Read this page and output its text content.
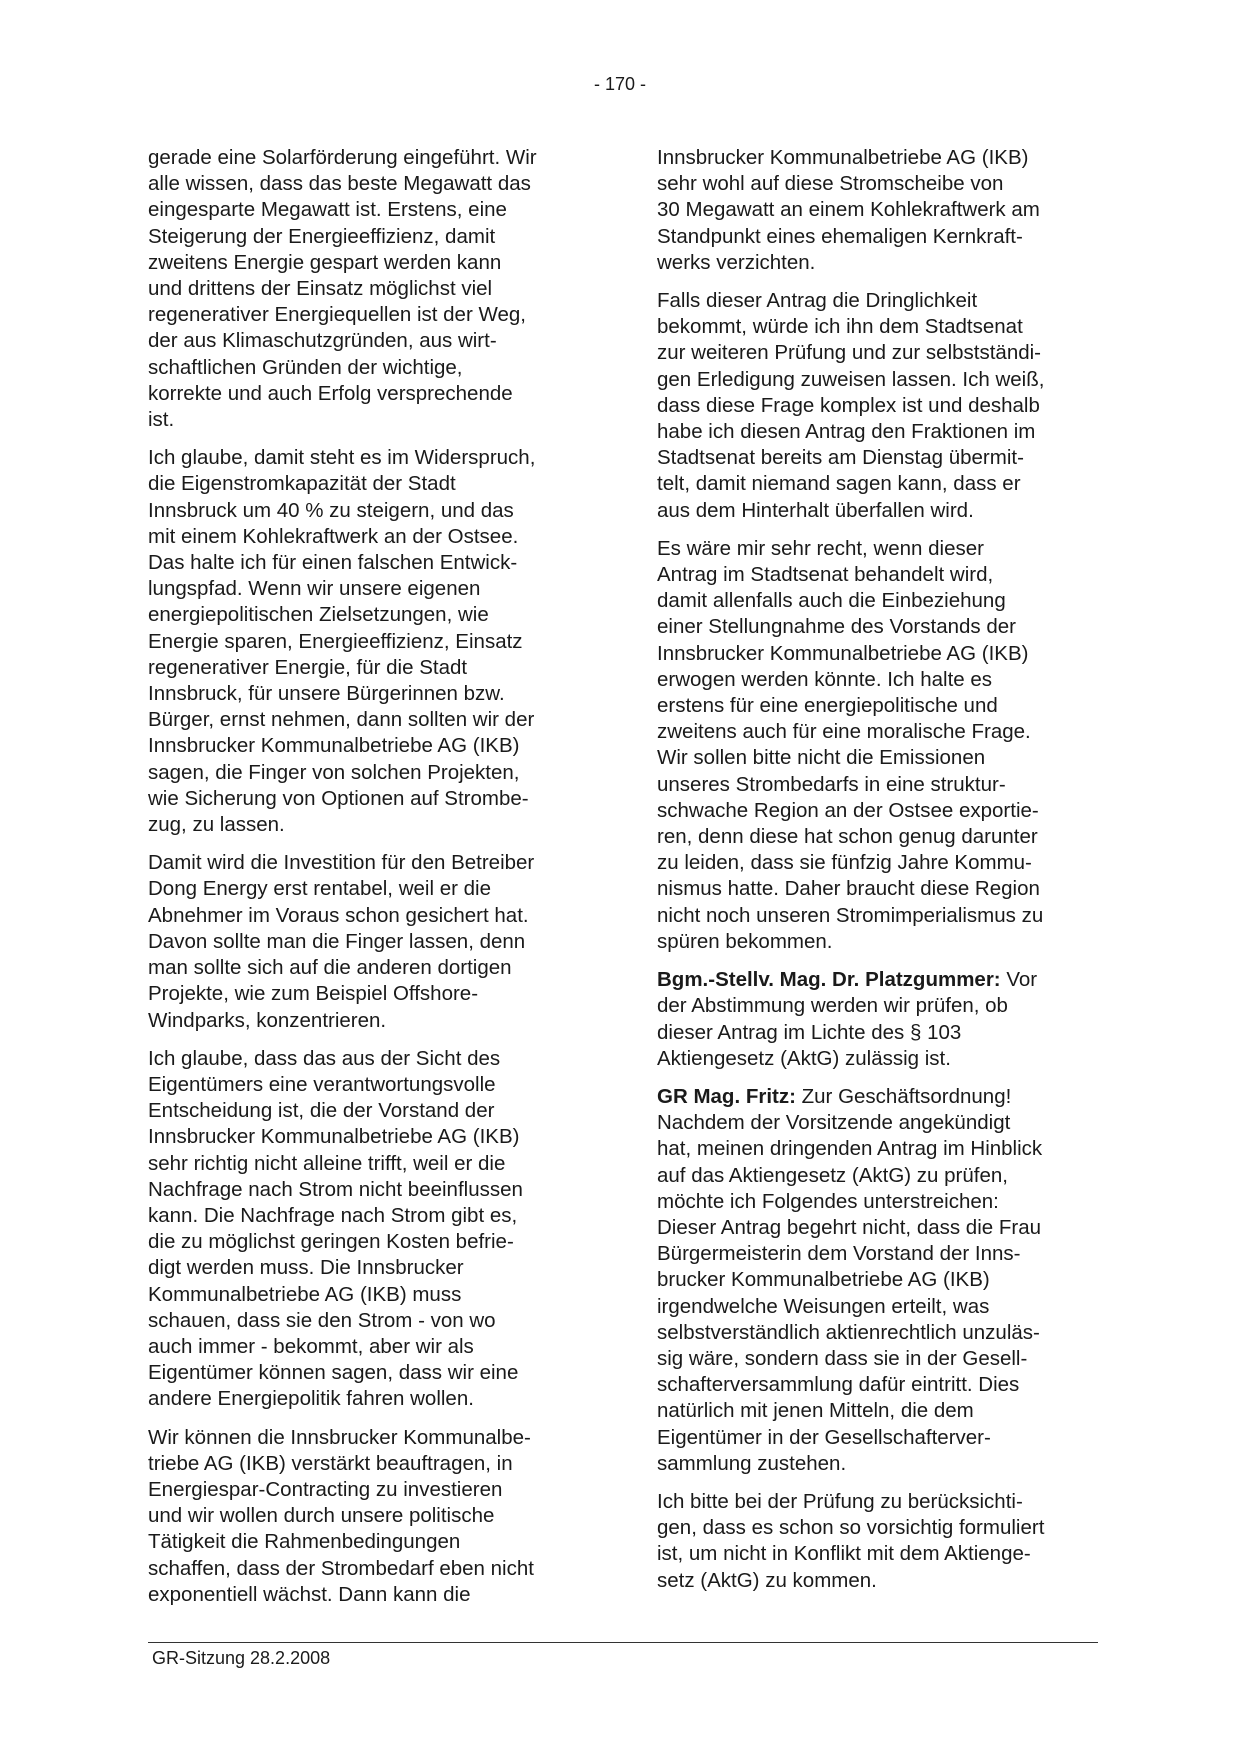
- 170 -
gerade eine Solarförderung eingeführt. Wir
alle wissen, dass das beste Megawatt das
eingesparte Megawatt ist. Erstens, eine
Steigerung der Energieeffizienz, damit
zweitens Energie gespart werden kann
und drittens der Einsatz möglichst viel
regenerativer Energiequellen ist der Weg,
der aus Klimaschutzgründen, aus wirt-
schaftlichen Gründen der wichtige,
korrekte und auch Erfolg versprechende
ist.
Ich glaube, damit steht es im Widerspruch,
die Eigenstromkapazität der Stadt
Innsbruck um 40 % zu steigern, und das
mit einem Kohlekraftwerk an der Ostsee.
Das halte ich für einen falschen Entwick-
lungspfad. Wenn wir unsere eigenen
energiepolitischen Zielsetzungen, wie
Energie sparen, Energieeffizienz, Einsatz
regenerativer Energie, für die Stadt
Innsbruck, für unsere Bürgerinnen bzw.
Bürger, ernst nehmen, dann sollten wir der
Innsbrucker Kommunalbetriebe AG (IKB)
sagen, die Finger von solchen Projekten,
wie Sicherung von Optionen auf Strombe-
zug, zu lassen.
Damit wird die Investition für den Betreiber
Dong Energy erst rentabel, weil er die
Abnehmer im Voraus schon gesichert hat.
Davon sollte man die Finger lassen, denn
man sollte sich auf die anderen dortigen
Projekte, wie zum Beispiel Offshore-
Windparks, konzentrieren.
Ich glaube, dass das aus der Sicht des
Eigentümers eine verantwortungsvolle
Entscheidung ist, die der Vorstand der
Innsbrucker Kommunalbetriebe AG (IKB)
sehr richtig nicht alleine trifft, weil er die
Nachfrage nach Strom nicht beeinflussen
kann. Die Nachfrage nach Strom gibt es,
die zu möglichst geringen Kosten befrie-
digt werden muss. Die Innsbrucker
Kommunalbetriebe AG (IKB) muss
schauen, dass sie den Strom - von wo
auch immer - bekommt, aber wir als
Eigentümer können sagen, dass wir eine
andere Energiepolitik fahren wollen.
Wir können die Innsbrucker Kommunalbe-
triebe AG (IKB) verstärkt beauftragen, in
Energiespar-Contracting zu investieren
und wir wollen durch unsere politische
Tätigkeit die Rahmenbedingungen
schaffen, dass der Strombedarf eben nicht
exponentiell wächst. Dann kann die
Innsbrucker Kommunalbetriebe AG (IKB)
sehr wohl auf diese Stromscheibe von
30 Megawatt an einem Kohlekraftwerk am
Standpunkt eines ehemaligen Kernkraft-
werks verzichten.
Falls dieser Antrag die Dringlichkeit
bekommt, würde ich ihn dem Stadtsenat
zur weiteren Prüfung und zur selbstständi-
gen Erledigung zuweisen lassen. Ich weiß,
dass diese Frage komplex ist und deshalb
habe ich diesen Antrag den Fraktionen im
Stadtsenat bereits am Dienstag übermit-
telt, damit niemand sagen kann, dass er
aus dem Hinterhalt überfallen wird.
Es wäre mir sehr recht, wenn dieser
Antrag im Stadtsenat behandelt wird,
damit allenfalls auch die Einbeziehung
einer Stellungnahme des Vorstands der
Innsbrucker Kommunalbetriebe AG (IKB)
erwogen werden könnte. Ich halte es
erstens für eine energiepolitische und
zweitens auch für eine moralische Frage.
Wir sollen bitte nicht die Emissionen
unseres Strombedarfs in eine struktur-
schwache Region an der Ostsee exportie-
ren, denn diese hat schon genug darunter
zu leiden, dass sie fünfzig Jahre Kommu-
nismus hatte. Daher braucht diese Region
nicht noch unseren Stromimperialismus zu
spüren bekommen.
Bgm.-Stellv. Mag. Dr. Platzgummer: Vor
der Abstimmung werden wir prüfen, ob
dieser Antrag im Lichte des § 103
Aktiengesetz (AktG) zulässig ist.
GR Mag. Fritz: Zur Geschäftsordnung!
Nachdem der Vorsitzende angekündigt
hat, meinen dringenden Antrag im Hinblick
auf das Aktiengesetz (AktG) zu prüfen,
möchte ich Folgendes unterstreichen:
Dieser Antrag begehrt nicht, dass die Frau
Bürgermeisterin dem Vorstand der Inns-
brucker Kommunalbetriebe AG (IKB)
irgendwelche Weisungen erteilt, was
selbstverständlich aktienrechtlich unzuläs-
sig wäre, sondern dass sie in der Gesell-
schafterversammlung dafür eintritt. Dies
natürlich mit jenen Mitteln, die dem
Eigentümer in der Gesellschafterver-
sammlung zustehen.
Ich bitte bei der Prüfung zu berücksichti-
gen, dass es schon so vorsichtig formuliert
ist, um nicht in Konflikt mit dem Aktienge-
setz (AktG) zu kommen.
GR-Sitzung 28.2.2008
